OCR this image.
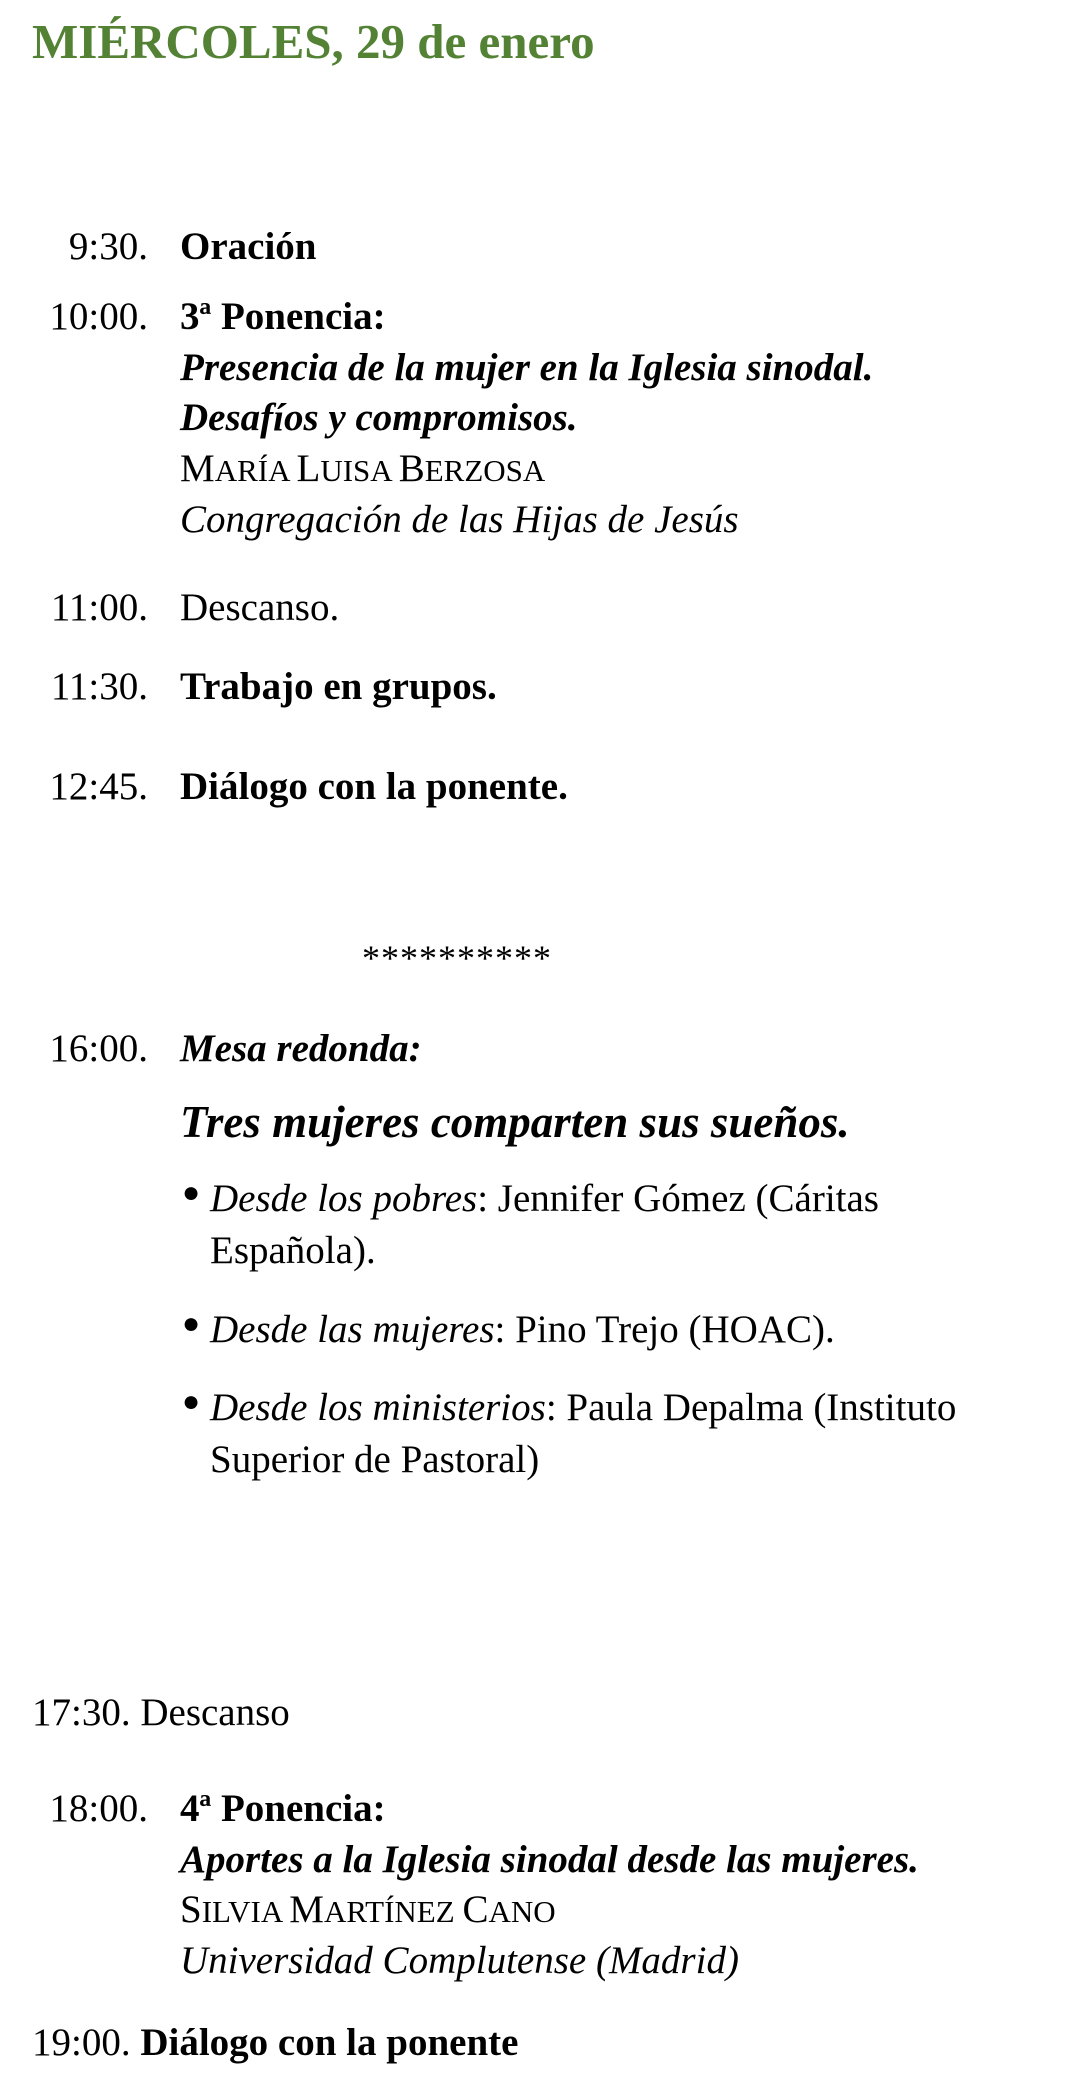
MIÉRCOLES, 29 de enero
9:30. Oración
10:00. 3ª Ponencia:
Presencia de la mujer en la Iglesia sinodal.
Desafíos y compromisos.
MARÍA LUISA BERZOSA
Congregación de las Hijas de Jesús
11:00. Descanso.
11:30. Trabajo en grupos.
12:45. Diálogo con la ponente.
**********
16:00. Mesa redonda:
Tres mujeres comparten sus sueños.
● Desde los pobres: Jennifer Gómez (Cáritas Española).
● Desde las mujeres: Pino Trejo (HOAC).
● Desde los ministerios: Paula Depalma (Instituto Superior de Pastoral)
17:30. Descanso
18:00. 4ª Ponencia:
Aportes a la Iglesia sinodal desde las mujeres.
SILVIA MARTÍNEZ CANO
Universidad Complutense (Madrid)
19:00. Diálogo con la ponente
